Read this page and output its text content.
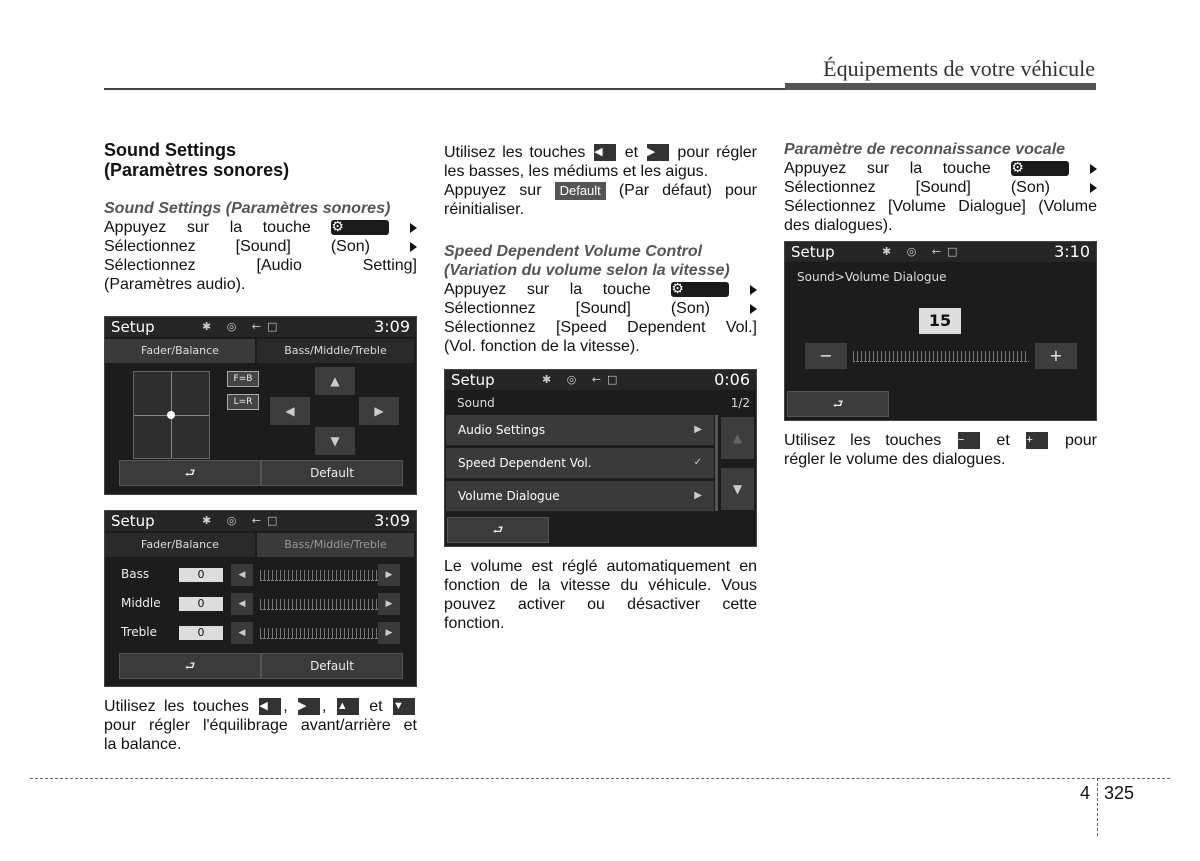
Équipements de votre véhicule
Sound Settings
(Paramètres sonores)
Sound Settings (Paramètres sonores)
Appuyez sur la touche ⚙

Sélectionnez [Sound] (Son)
Sélectionnez [Audio Setting]
(Paramètres audio).
Setup	✱ ◎ ←□	3:09
Fader/Balance	Bass/Middle/Treble
F=B
L=R
▲
◀	▶
▼
⮐	Default
Setup	✱ ◎ ←□	3:09
Fader/Balance	Bass/Middle/Treble
Bass	0	◀	▶
Middle	0	◀	▶
Treble	0	◀	▶
⮐	Default
Utilisez les touches ◀ , ▶ , ▲ et ▼
pour régler l'équilibrage avant/arrière et
la balance.
Utilisez les touches ◀ et ▶ pour régler
les basses, les médiums et les aigus.
Appuyez sur Default (Par défaut) pour
réinitialiser.
Speed Dependent Volume Control
(Variation du volume selon la vitesse)
Appuyez sur la touche ⚙

Sélectionnez [Sound] (Son)
Sélectionnez [Speed Dependent Vol.]
(Vol. fonction de la vitesse).
Setup	✱ ◎ ←□	0:06
Sound	1/2
Audio Settings	▶
Speed Dependent Vol.	✓
Volume Dialogue	▶
▲
▼
⮐
Le volume est réglé automatiquement en
fonction de la vitesse du véhicule. Vous
pouvez activer ou désactiver cette
fonction.
Paramètre de reconnaissance vocale
Appuyez sur la touche ⚙

Sélectionnez [Sound] (Son)
Sélectionnez [Volume Dialogue] (Volume
des dialogues).
Setup	✱ ◎ ←□	3:10
Sound>Volume Dialogue
15
−	+
⮐
Utilisez les touches − et + pour
régler le volume des dialogues.
4 325
